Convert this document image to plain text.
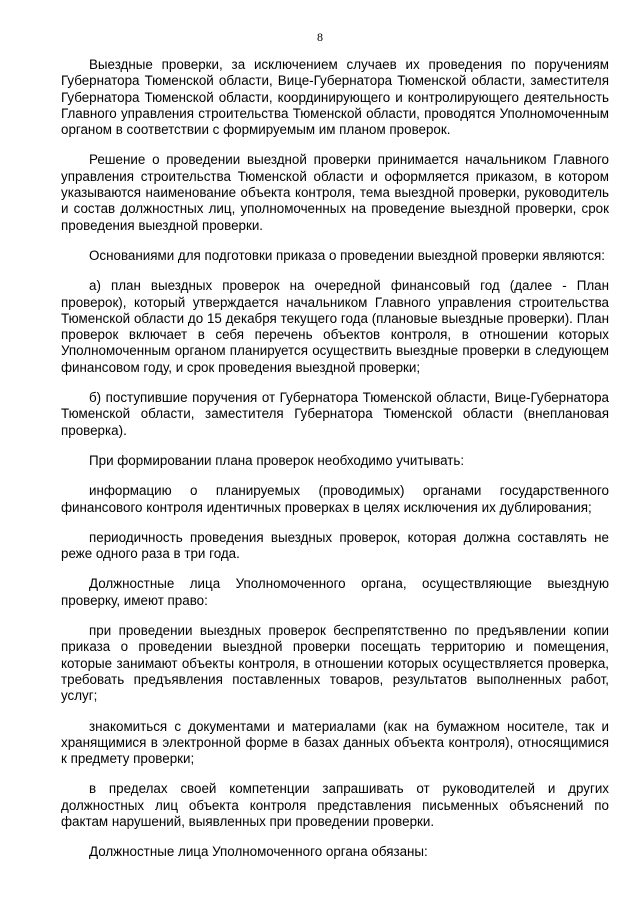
8

Выездные проверки, за исключением случаев их проведения по поручениям Губернатора Тюменской области, Вице-Губернатора Тюменской области, заместителя Губернатора Тюменской области, координирующего и контролирующего деятельность Главного управления строительства Тюменской области, проводятся Уполномоченным органом в соответствии с формируемым им планом проверок.

Решение о проведении выездной проверки принимается начальником Главного управления строительства Тюменской области и оформляется приказом, в котором указываются наименование объекта контроля, тема выездной проверки, руководитель и состав должностных лиц, уполномоченных на проведение выездной проверки, срок проведения выездной проверки.

Основаниями для подготовки приказа о проведении выездной проверки являются:

а) план выездных проверок на очередной финансовый год (далее - План проверок), который утверждается начальником Главного управления строительства Тюменской области до 15 декабря текущего года (плановые выездные проверки). План проверок включает в себя перечень объектов контроля, в отношении которых Уполномоченным органом планируется осуществить выездные проверки в следующем финансовом году, и срок проведения выездной проверки;

б) поступившие поручения от Губернатора Тюменской области, Вице-Губернатора Тюменской области, заместителя Губернатора Тюменской области (внеплановая проверка).

При формировании плана проверок необходимо учитывать:

информацию о планируемых (проводимых) органами государственного финансового контроля идентичных проверках в целях исключения их дублирования;

периодичность проведения выездных проверок, которая должна составлять не реже одного раза в три года.

Должностные лица Уполномоченного органа, осуществляющие выездную проверку, имеют право:

при проведении выездных проверок беспрепятственно по предъявлении копии приказа о проведении выездной проверки посещать территорию и помещения, которые занимают объекты контроля, в отношении которых осуществляется проверка, требовать предъявления поставленных товаров, результатов выполненных работ, услуг;

знакомиться с документами и материалами (как на бумажном носителе, так и хранящимися в электронной форме в базах данных объекта контроля), относящимися к предмету проверки;

в пределах своей компетенции запрашивать от руководителей и других должностных лиц объекта контроля представления письменных объяснений по фактам нарушений, выявленных при проведении проверки.

Должностные лица Уполномоченного органа обязаны:
